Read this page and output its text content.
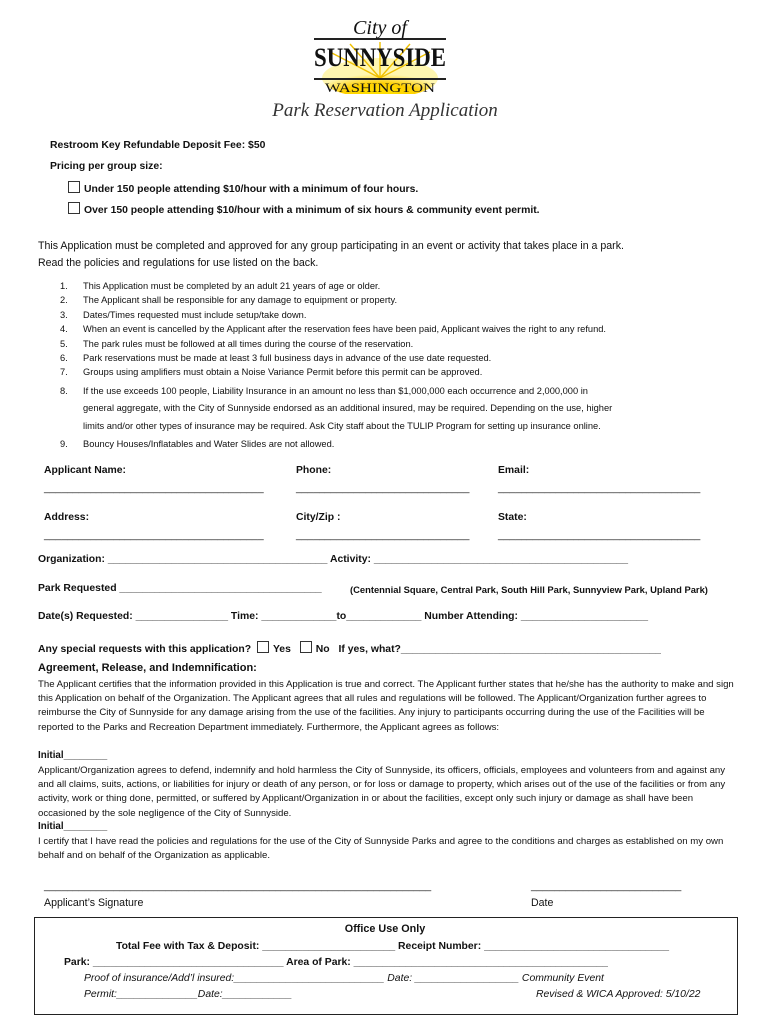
City of
SUNNYSIDE
WASHINGTON
Park Reservation Application
Restroom Key Refundable Deposit Fee: $50
Pricing per group size:
Under 150 people attending $10/hour with a minimum of four hours.
Over 150 people attending $10/hour with a minimum of six hours & community event permit.
This Application must be completed and approved for any group participating in an event or activity that takes place in a park.
Read the policies and regulations for use listed on the back.
1. This Application must be completed by an adult 21 years of age or older.
2. The Applicant shall be responsible for any damage to equipment or property.
3. Dates/Times requested must include setup/take down.
4. When an event is cancelled by the Applicant after the reservation fees have been paid, Applicant waives the right to any refund.
5. The park rules must be followed at all times during the course of the reservation.
6. Park reservations must be made at least 3 full business days in advance of the use date requested.
7. Groups using amplifiers must obtain a Noise Variance Permit before this permit can be approved.
8. If the use exceeds 100 people, Liability Insurance in an amount no less than $1,000,000 each occurrence and 2,000,000 in
general aggregate, with the City of Sunnyside endorsed as an additional insured, may be required. Depending on the use, higher
limits and/or other types of insurance may be required. Ask City staff about the TULIP Program for setting up insurance online.
9. Bouncy Houses/Inflatables and Water Slides are not allowed.
Applicant Name:	Phone:	Email:
______________________________________	______________________________	___________________________________
Address:	City/Zip :	State:
______________________________________	______________________________	___________________________________
Organization: ______________________________________ Activity: ____________________________________________
Park Requested ___________________________________	(Centennial Square, Central Park, South Hill Park, Sunnyview Park, Upland Park)
Date(s) Requested: ________________ Time: _____________to_____________ Number Attending: ______________________
Any special requests with this application? Yes No If yes, what?_____________________________________________
Agreement, Release, and Indemnification:
The Applicant certifies that the information provided in this Application is true and correct. The Applicant further states that he/she has the authority to make and sign this Application on behalf of the Organization. The Applicant agrees that all rules and regulations will be followed. The Applicant/Organization further agrees to reimburse the City of Sunnyside for any damage arising from the use of the facilities. Any injury to participants occurring during the use of the Facilities will be reported to the Parks and Recreation Department immediately. Furthermore, the Applicant agrees as follows:
Initial________
Applicant/Organization agrees to defend, indemnify and hold harmless the City of Sunnyside, its officers, officials, employees and volunteers from and against any and all claims, suits, actions, or liabilities for injury or death of any person, or for loss or damage to property, which arises out of the use of the facilities or from any activity, work or thing done, permitted, or suffered by Applicant/Organization in or about the facilities, except only such injury or damage as shall have been occasioned by the sole negligence of the City of Sunnyside.
Initial________
I certify that I have read the policies and regulations for the use of the City of Sunnyside Parks and agree to the conditions and charges as established on my own behalf and on behalf of the Organization as applicable.
___________________________________________________________________	__________________________
Applicant’s Signature	Date
Office Use Only
Total Fee with Tax & Deposit: _______________________ Receipt Number: ________________________________
Park: _________________________________ Area of Park: ____________________________________________
Proof of insurance/Add’l insured:__________________________ Date: __________________ Community Event
Permit:______________Date:____________	Revised & WICA Approved: 5/10/22
